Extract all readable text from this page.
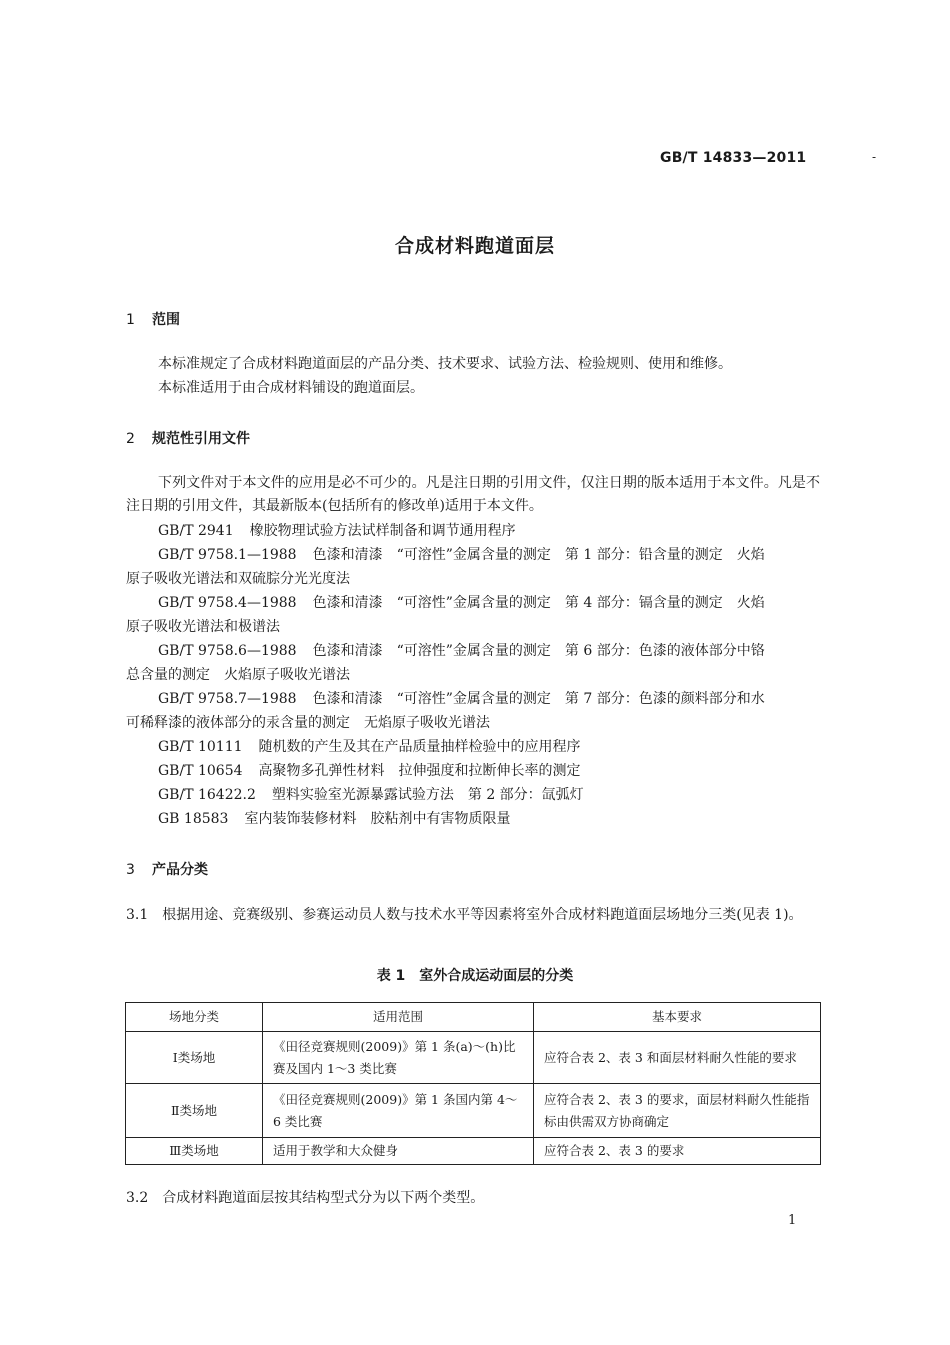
GB/T 14833—2011	-
合成材料跑道面层
1 范围
本标准规定了合成材料跑道面层的产品分类、技术要求、试验方法、检验规则、使用和维修。
本标准适用于由合成材料铺设的跑道面层。
2 规范性引用文件
下列文件对于本文件的应用是必不可少的。凡是注日期的引用文件，仅注日期的版本适用于本文件。凡是不注日期的引用文件，其最新版本(包括所有的修改单)适用于本文件。
GB/T 2941 橡胶物理试验方法试样制备和调节通用程序
GB/T 9758.1—1988 色漆和清漆　“可溶性”金属含量的测定　第 1 部分：铅含量的测定　火焰
原子吸收光谱法和双硫腙分光光度法
GB/T 9758.4—1988 色漆和清漆　“可溶性”金属含量的测定　第 4 部分：镉含量的测定　火焰
原子吸收光谱法和极谱法
GB/T 9758.6—1988 色漆和清漆　“可溶性”金属含量的测定　第 6 部分：色漆的液体部分中铬
总含量的测定　火焰原子吸收光谱法
GB/T 9758.7—1988 色漆和清漆　“可溶性”金属含量的测定　第 7 部分：色漆的颜料部分和水
可稀释漆的液体部分的汞含量的测定　无焰原子吸收光谱法
GB/T 10111 随机数的产生及其在产品质量抽样检验中的应用程序
GB/T 10654 高聚物多孔弹性材料　拉伸强度和拉断伸长率的测定
GB/T 16422.2 塑料实验室光源暴露试验方法　第 2 部分：氙弧灯
GB 18583 室内装饰装修材料　胶粘剂中有害物质限量
3 产品分类
3.1 根据用途、竞赛级别、参赛运动员人数与技术水平等因素将室外合成材料跑道面层场地分三类(见表 1)。
表 1　室外合成运动面层的分类
场地分类	适用范围	基本要求
Ⅰ类场地	《田径竞赛规则(2009)》第 1 条(a)～(h)比赛及国内 1～3 类比赛	应符合表 2、表 3 和面层材料耐久性能的要求
Ⅱ类场地	《田径竞赛规则(2009)》第 1 条国内第 4～6 类比赛	应符合表 2、表 3 的要求，面层材料耐久性能指标由供需双方协商确定
Ⅲ类场地	适用于教学和大众健身	应符合表 2、表 3 的要求
3.2 合成材料跑道面层按其结构型式分为以下两个类型。
1
